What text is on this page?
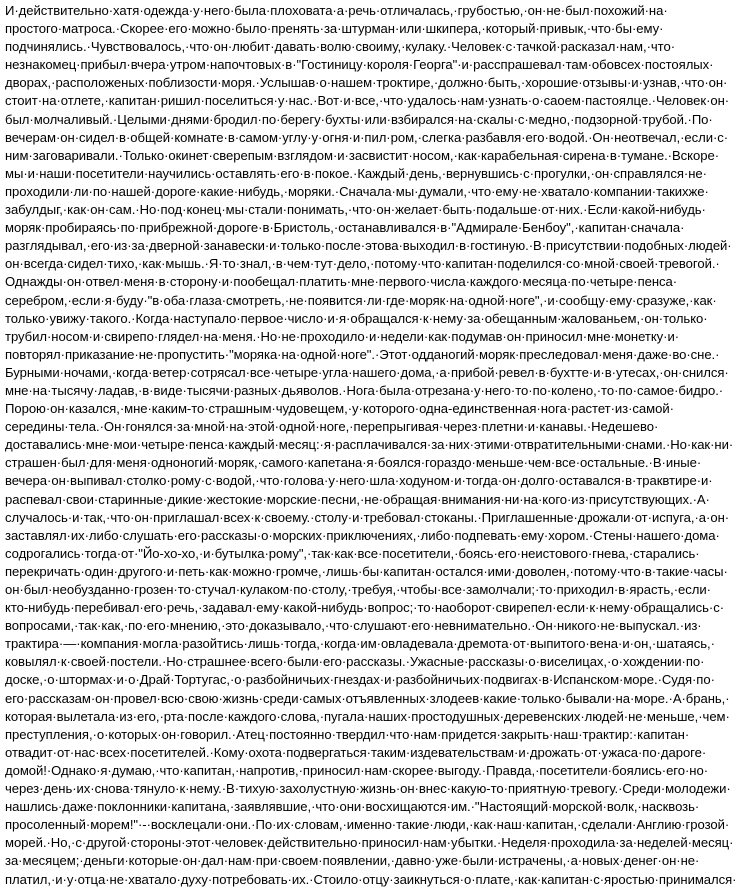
И·действительно·хатя·одежда·у·него·была·плоховата·а·речь·отличалась,·грубостью,·он·не·был·похожий·на·
простого·матроса.·Скорее·его·можно·было·пренять·за·штурман·или·шкипера,·который·привык,·что·бы·ему·
подчинялись.·Чувствовалось,·что·он·любит·давать·волю·своиму,·кулаку.·Человек·с·тачкой·расказал·нам,·что·
незнакомец·прибыл·вчера·утром·напочтовых·в·"Гостиницу·короля·Георга"·и·расспрашевал·там·обовсех·постоялых·
дворах,·расположеных·поблизости·моря.·Услышав·о·нашем·троктире,·должно·быть,·хорошие·отзывы·и·узнав,·что·он·
стоит·на·отлете,·капитан·ришил·поселиться·у·нас.·Вот·и·все,·что·удалось·нам·узнать·о·саоем·пастоялце.·Человек·он·
был·молчаливый.·Целыми·днями·бродил·по·берегу·бухты·или·взбирался·на·скалы·с·медно,·подзорной·трубой.·По·
вечерам·он·сидел·в·общей·комнате·в·самом·углу·у·огня·и·пил·ром,·слегка·разбавля·его·водой.·Он·неотвечал,·если·с·
ним·заговаривали.·Только·окинет·сверепым·взглядом·и·засвистит·носом,·как·карабельная·сирена·в·тумане.·Вскоре·
мы·и·наши·посетители·научились·оставлять·его·в·покое.·Каждый·день,·вернувшись·с·прогулки,·он·справлялся·не·
проходили·ли·по·нашей·дороге·какие·нибудь,·моряки.·Сначала·мы·думали,·что·ему·не·хватало·компании·такиxже·
забулдыг,·как·он·сам.·Но·под·конец·мы·стали·понимать,·что·он·желает·быть·подальше·от·них.·Если·какой-нибудь·
моряк·пробираясь·по·прибрежной·дороге·в·Бристоль,·останавливался·в·"Адмирале·Бенбоу",·капитан·сначала·
разглядывал,·его·из·за·дверной·занавески·и·только·после·этова·выходил·в·гостиную.·В·присутствии·подобных·людей·
он·всегда·сидел·тихо,·как·мышь.·Я·то·знал,·в·чем·тут·дело,·потому·что·капитан·поделился·со·мной·своей·тревогой.·
Однажды·он·отвел·меня·в·сторону·и·пообещал·платить·мне·первого·числа·каждого·месяца·по·четыре·пенса·
серебром,·если·я·буду·"в·оба·глаза·смотреть,·не·появится·ли·где·моряк·на·одной·ноге",·и·сообщу·ему·сразуже,·как·
только·увижу·такого.·Когда·наступало·первое·число·и·я·обращался·к·нему·за·обещанным·жалованьем,·он·только·
трубил·носом·и·свирепо·глядел·на·меня.·Но·не·проходило·и·недели·как·подумав·он·приносил·мне·монетку·и·
повторял·приказание·не·пропустить·"моряка·на·одной·ноге".·Этот·одданогий·моряк·преследовал·меня·даже·во·сне.·
Бурными·ночами,·когда·ветер·сотрясал·все·четыре·угла·нашего·дома,·а·прибой·ревел·в·бухтте·и·в·утесах,·он·снился·
мне·на·тысячу·ладав,·в·виде·тысячи·разных·дьяволов.·Нога·была·отрезана·у·него·то·по·колено,·то·по·самое·бидро.·
Порою·он·казался,·мне·каким-то·страшным·чудовещем,·у·которого·одна-единственная·нога·растет·из·самой·
середины·тела.·Он·гонялся·за·мной·на·этой·одной·ноге,·перепрыгивая·через·плетни·и·канавы.·Недешево·
доставались·мне·мои·четыре·пенса·каждый·месяц:·я·расплачивался·за·них·этими·отвратительными·снами.·Но·как·ни·
страшен·был·для·меня·одноногий·моряк,·самого·капетана·я·боялся·гораздо·меньше·чем·все·остальные.·В·иные·
вечера·он·выпивал·столко·рому·с·водой,·что·голова·у·него·шла·ходуном·и·тогда·он·долго·оставался·в·траквтире·и·
распевал·свои·старинные·дикие·жестокие·морские·песни,·не·обращая·внимания·ни·на·кого·из·присутствующих.·А·
случалось·и·так,·что·он·приглашал·всех·к·своему.·столу·и·требовал·стоканы.·Приглашенные·дрожали·от·испуга,·а·он·
заставлял·их·либо·слушать·его·рассказы·о·морских·приключениях,·либо·подпевать·ему·хором.·Стены·нашего·дома·
содрогались·тогда·от·"Йо-хо-хо,·и·бутылка·рому",·так·как·все·посетители,·боясь·его·неистового·гнева,·старались·
перекричать·один·другого·и·петь·как·можно·громче,·лишь·бы·капитан·остался·ими·доволен,·потому·что·в·такие·часы·
он·был·необузданно·грозен·то·стучал·кулаком·по·столу,·требуя,·чтобы·все·замолчали;·то·приходил·в·ярасть,·если·
кто-нибудь·перебивал·его·речь,·задавал·ему·какой-нибудь·вопрос;·то·наоборот·свирепел·если·к·нему·обращались·с·
вопросами,·так·как,·по·его·мнению,·это·доказывало,·что·слушают·его·невнимательно.·Он·никого·не·выпускал.·из·
трактира·—·компания·могла·разойтись·лишь·тогда,·когда·им·овладевала·дремота·от·выпитого·вена·и·он,·шатаясь,·
ковылял·к·своей·постели.·Но·страшнее·всего·были·его·рассказы.·Ужасные·рассказы·о·виселицах,·о·хождении·по·
доске,·о·штормах·и·о·Драй·Тортугас,·о·разбойничьих·гнездах·и·разбойничьих·подвигах·в·Испанском·море.·Судя·по·
его·рассказам·он·провел·всю·свою·жизнь·среди·самых·отъявленных·злодеев·какие·только·бывали·на·море.·А·брань,·
которая·вылетала·из·его,·рта·после·каждого·слова,·пугала·наших·простодушных·деревенских·людей·не·меньше,·чем·
преступления,·о·которых·он·говорил.·Атец·постоянно·твердил·что·нам·придется·закрыть·наш·трактир:·капитан·
отвадит·от·нас·всех·посетителей.·Кому·охота·подвергаться·таким·издевательствам·и·дрожать·от·ужаса·по·дароге·
домой!·Однако·я·думаю,·что·капитан,·напротив,·приносил·нам·скорее·выгоду.·Правда,·посетители·боялись·его·но·
через·день·их·снова·тянуло·к·нему.·В·тихую·захолустную·жизнь·он·внес·какую-то·приятную·тревогу.·Среди·молодежи·
нашлись·даже·поклонники·капитана,·заявлявшие,·что·они·восхищаются·им.·"Настоящий·морской·волк,·насквозь·
просоленный·морем!"·-·восклецали·они.·По·их·словам,·именно·такие·люди,·как·наш·капитан,·сделали·Англию·грозой·
морей.·Но,·с·другой·стороны·этот·человек·действительно·приносил·нам·убытки.·Неделя·проходила·за·неделей·месяц·
за·месяцем;·деньги·которые·он·дал·нам·при·своем·появлении,·давно·уже·были·истрачены,·а·новых·денег·он·не·
платил,·и·у·отца·не·хватало·духу·потребовать·их.·Стоило·отцу·заикнуться·о·плате,·как·капитан·с·яростью·принимался·
